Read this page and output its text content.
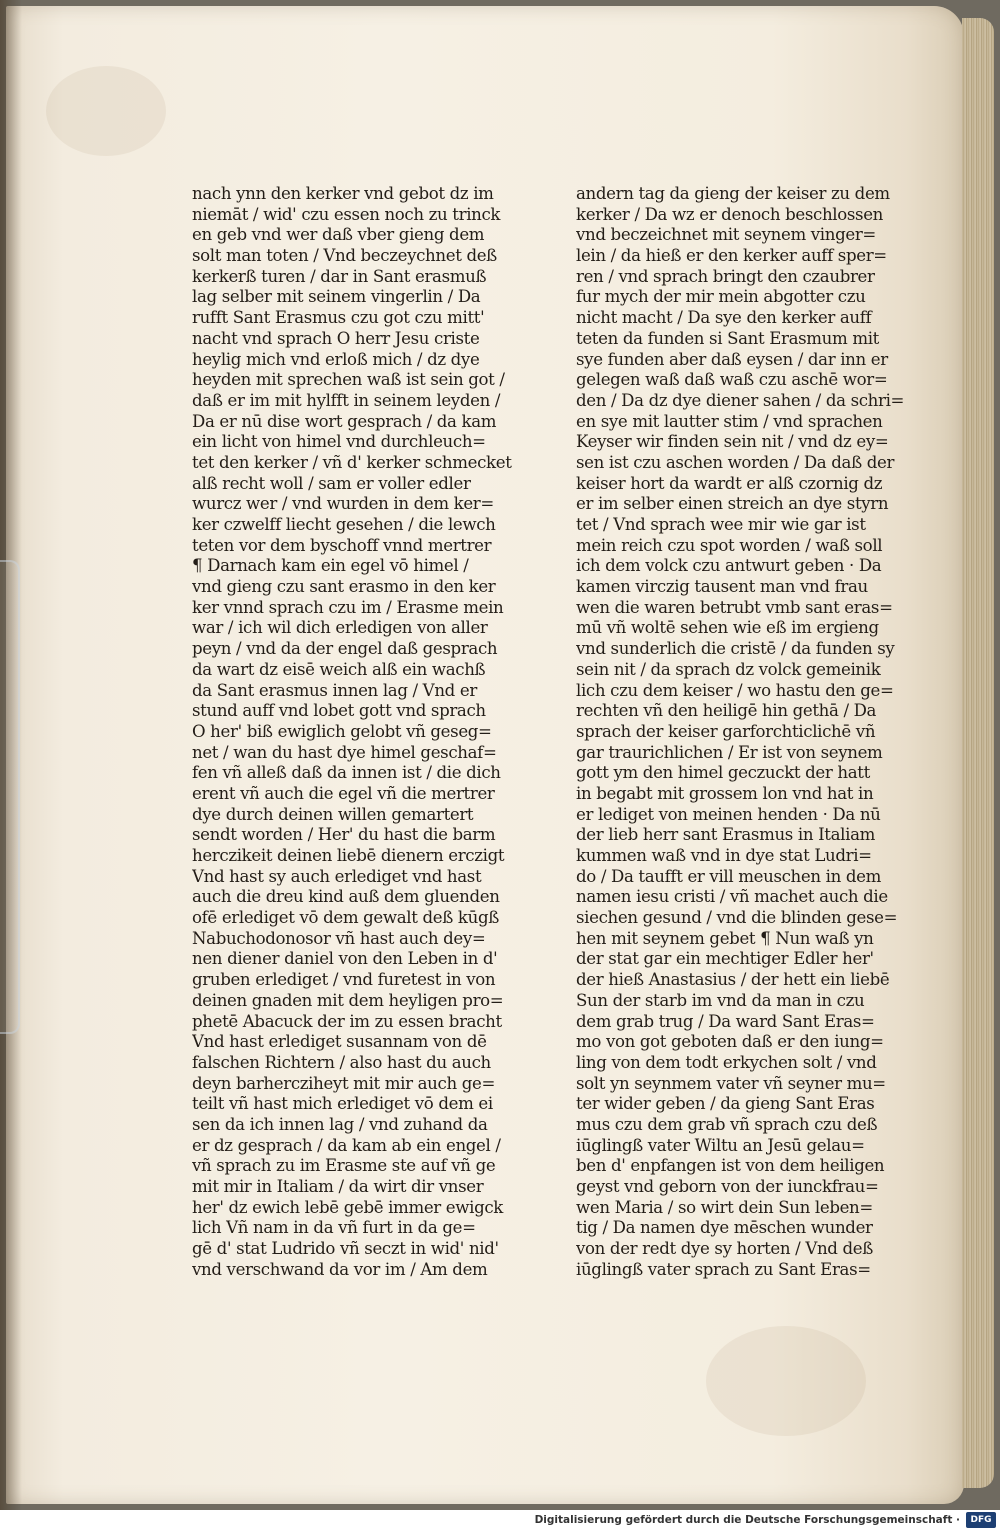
nach ynn den kerker vnd gebot dz im
niemāt / wid' czu essen noch zu trinck
en geb vnd wer daß vber gieng dem
solt man toten / Vnd beczeychnet deß
kerkerß turen / dar in Sant erasmuß
lag selber mit seinem vingerlin / Da
rufft Sant Erasmus czu got czu mitt'
nacht vnd sprach O herr Jesu criste
heylig mich vnd erloß mich / dz dye
heyden mit sprechen waß ist sein got /
daß er im mit hylfft in seinem leyden /
Da er nū dise wort gesprach / da kam
ein licht von himel vnd durchleuch=
tet den kerker / vñ d' kerker schmecket
alß recht woll / sam er voller edler
wurcz wer / vnd wurden in dem ker=
ker czwelff liecht gesehen / die lewch
teten vor dem byschoff vnnd mertrer
¶ Darnach kam ein egel vō himel /
vnd gieng czu sant erasmo in den ker
ker vnnd sprach czu im / Erasme mein
war / ich wil dich erledigen von aller
peyn / vnd da der engel daß gesprach
da wart dz eisē weich alß ein wachß
da Sant erasmus innen lag / Vnd er
stund auff vnd lobet gott vnd sprach
O her' biß ewiglich gelobt vñ geseg=
net / wan du hast dye himel geschaf=
fen vñ alleß daß da innen ist / die dich
erent vñ auch die egel vñ die mertrer
dye durch deinen willen gemartert
sendt worden / Her' du hast die barm
herczikeit deinen liebē dienern erczigt
Vnd hast sy auch erlediget vnd hast
auch die dreu kind auß dem gluenden
ofē erlediget vō dem gewalt deß kūgß
Nabuchodonosor vñ hast auch dey=
nen diener daniel von den Leben in d'
gruben erlediget / vnd furetest in von
deinen gnaden mit dem heyligen pro=
phetē Abacuck der im zu essen bracht
Vnd hast erlediget susannam von dē
falschen Richtern / also hast du auch
deyn barhercziheyt mit mir auch ge=
teilt vñ hast mich erlediget vō dem ei
sen da ich innen lag / vnd zuhand da
er dz gesprach / da kam ab ein engel /
vñ sprach zu im Erasme ste auf vñ ge
mit mir in Italiam / da wirt dir vnser
her' dz ewich lebē gebē immer ewigck
lich Vñ nam in da vñ furt in da ge=
gē d' stat Ludrido vñ seczt in wid' nid'
vnd verschwand da vor im / Am dem
andern tag da gieng der keiser zu dem
kerker / Da wz er denoch beschlossen
vnd beczeichnet mit seynem vinger=
lein / da hieß er den kerker auff sper=
ren / vnd sprach bringt den czaubrer
fur mych der mir mein abgotter czu
nicht macht / Da sye den kerker auff
teten da funden si Sant Erasmum mit
sye funden aber daß eysen / dar inn er
gelegen waß daß waß czu aschē wor=
den / Da dz dye diener sahen / da schri=
en sye mit lautter stim / vnd sprachen
Keyser wir finden sein nit / vnd dz ey=
sen ist czu aschen worden / Da daß der
keiser hort da wardt er alß czornig dz
er im selber einen streich an dye styrn
tet / Vnd sprach wee mir wie gar ist
mein reich czu spot worden / waß soll
ich dem volck czu antwurt geben · Da
kamen virczig tausent man vnd frau
wen die waren betrubt vmb sant eras=
mū vñ woltē sehen wie eß im ergieng
vnd sunderlich die cristē / da funden sy
sein nit / da sprach dz volck gemeinik
lich czu dem keiser / wo hastu den ge=
rechten vñ den heiligē hin gethā / Da
sprach der keiser garforchticlichē vñ
gar traurichlichen / Er ist von seynem
gott ym den himel geczuckt der hatt
in begabt mit grossem lon vnd hat in
er lediget von meinen henden · Da nū
der lieb herr sant Erasmus in Italiam
kummen waß vnd in dye stat Ludri=
do / Da taufft er vill meuschen in dem
namen iesu cristi / vñ machet auch die
siechen gesund / vnd die blinden gese=
hen mit seynem gebet ¶ Nun waß yn
der stat gar ein mechtiger Edler her'
der hieß Anastasius / der hett ein liebē
Sun der starb im vnd da man in czu
dem grab trug / Da ward Sant Eras=
mo von got geboten daß er den iung=
ling von dem todt erkychen solt / vnd
solt yn seynmem vater vñ seyner mu=
ter wider geben / da gieng Sant Eras
mus czu dem grab vñ sprach czu deß
iūglingß vater Wiltu an Jesū gelau=
ben d' enpfangen ist von dem heiligen
geyst vnd geborn von der iunckfrau=
wen Maria / so wirt dein Sun leben=
tig / Da namen dye mēschen wunder
von der redt dye sy horten / Vnd deß
iūglingß vater sprach zu Sant Eras=
Digitalisierung gefördert durch die Deutsche Forschungsgemeinschaft ·	DFG
